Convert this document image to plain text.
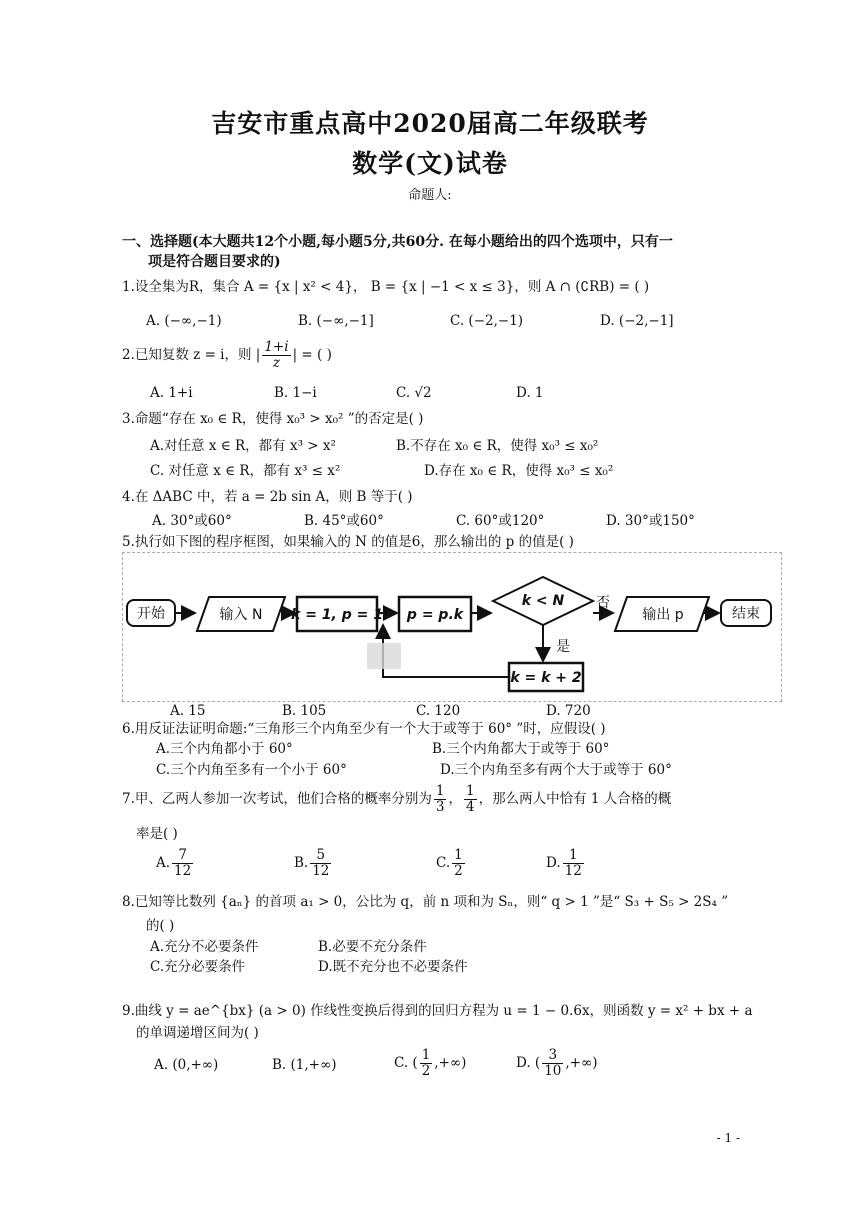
吉安市重点高中2020届高二年级联考
数学(文)试卷
命题人:
一、选择题(本大题共12个小题,每小题5分,共60分. 在每小题给出的四个选项中，只有一
项是符合题目要求的)
1.设全集为R，集合 A = {x | x² < 4}， B = {x | −1 < x ≤ 3}，则 A ∩ (∁RB) = ( )
A. (−∞,−1)	B. (−∞,−1]	C. (−2,−1)	D. (−2,−1]
2.已知复数 z = i，则 | $\frac{1+i}{z}$ | = ( )
A. 1+i	B. 1−i	C. √2	D. 1
3.命题“存在 x₀ ∈ R，使得 x₀³ > x₀² ”的否定是( )
A.对任意 x ∈ R，都有 x³ > x²	B.不存在 x₀ ∈ R，使得 x₀³ ≤ x₀²
C. 对任意 x ∈ R，都有 x³ ≤ x²	D.存在 x₀ ∈ R，使得 x₀³ ≤ x₀²
4.在 ΔABC 中，若 a = 2b sin A，则 B 等于( )
A. 30°或60°	B. 45°或60°	C. 60°或120°	D. 30°或150°
5.执行如下图的程序框图，如果输入的 N 的值是6，那么输出的 p 的值是( )
开始	输入 N k = 1, p = 1 p = p.k
k < N 否
输出 p	结束
是
k = k + 2
A. 15	B. 105	C. 120	D. 720
6.用反证法证明命题:“三角形三个内角至少有一个大于或等于 60° ”时，应假设( )
A.三个内角都小于 60°	B.三个内角都大于或等于 60°
C.三个内角至多有一个小于 60°	D.三个内角至多有两个大于或等于 60°
7.甲、乙两人参加一次考试，他们合格的概率分别为 $\frac{1}{3}$ ， $\frac{1}{4}$ ，那么两人中恰有 1 人合格的概
率是( )
A. $\frac{7}{12}$	B. $\frac{5}{12}$	C. $\frac{1}{2}$	D. $\frac{1}{12}$
8.已知等比数列 {aₙ} 的首项 a₁ > 0，公比为 q，前 n 项和为 Sₙ，则“ q > 1 ”是“ S₃ + S₅ > 2S₄ ”
的( )
A.充分不必要条件	B.必要不充分条件
C.充分必要条件	D.既不充分也不必要条件
9.曲线 y = ae^{bx} (a > 0) 作线性变换后得到的回归方程为 u = 1 − 0.6x，则函数 y = x² + bx + a
的单调递增区间为( )
A. (0,+∞)	B. (1,+∞)	C. ( $\frac{1}{2}$ ,+∞)	D. ( $\frac{3}{10}$ ,+∞)
- 1 -
